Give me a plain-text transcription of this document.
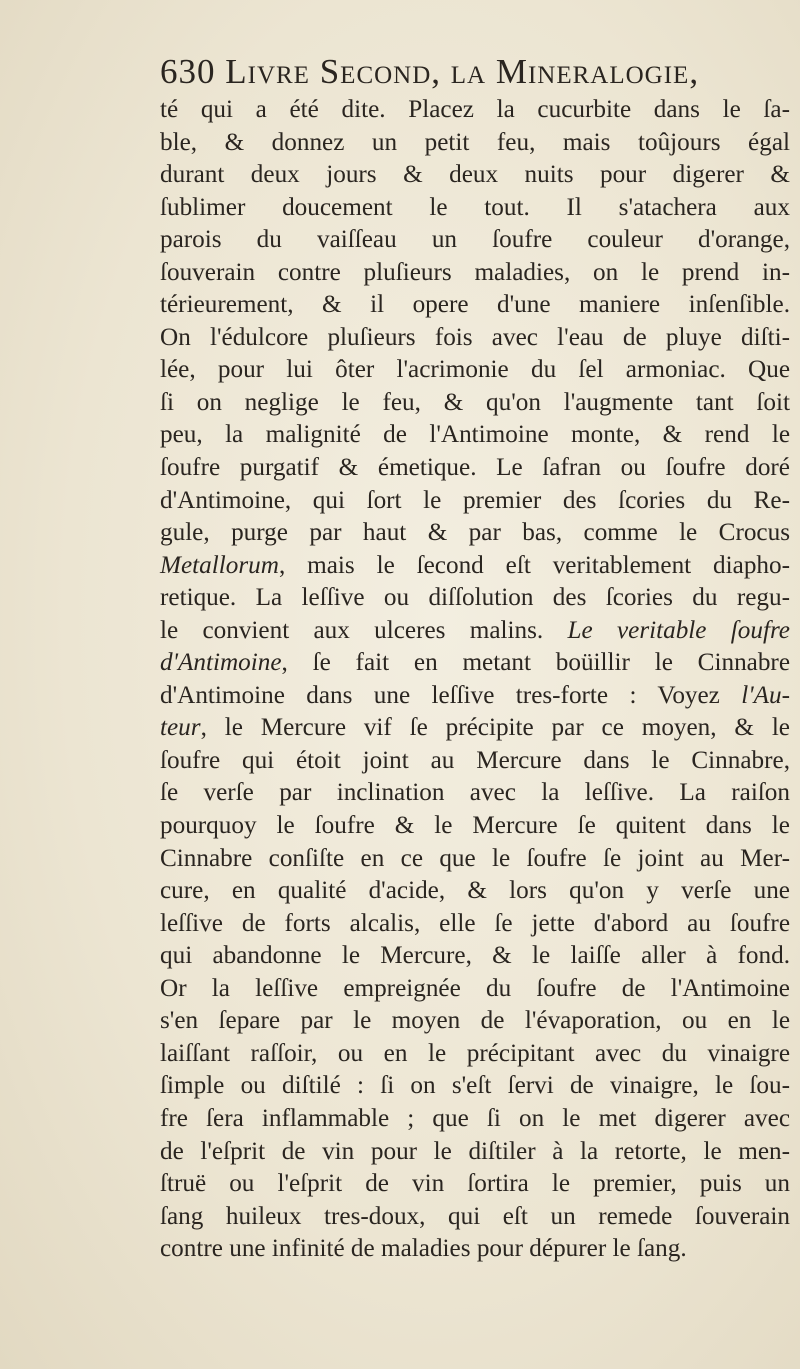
630 Livre Second, la Mineralogie,
té qui a été dite. Placez la cucurbite dans le ſa-
ble, & donnez un petit feu, mais toûjours égal
durant deux jours & deux nuits pour digerer &
ſublimer doucement le tout. Il s'atachera aux
parois du vaiſſeau un ſoufre couleur d'orange,
ſouverain contre pluſieurs maladies, on le prend in-
térieurement, & il opere d'une maniere inſenſible.
On l'édulcore pluſieurs fois avec l'eau de pluye diſti-
lée, pour lui ôter l'acrimonie du ſel armoniac. Que
ſi on neglige le feu, & qu'on l'augmente tant ſoit
peu, la malignité de l'Antimoine monte, & rend le
ſoufre purgatif & émetique. Le ſafran ou ſoufre doré
d'Antimoine, qui ſort le premier des ſcories du Re-
gule, purge par haut & par bas, comme le Crocus
Metallorum, mais le ſecond eſt veritablement diapho-
retique. La leſſive ou diſſolution des ſcories du regu-
le convient aux ulceres malins. Le veritable ſoufre
d'Antimoine, ſe fait en metant boüillir le Cinnabre
d'Antimoine dans une leſſive tres-forte : Voyez l'Au-
teur, le Mercure vif ſe précipite par ce moyen, & le
ſoufre qui étoit joint au Mercure dans le Cinnabre,
ſe verſe par inclination avec la leſſive. La raiſon
pourquoy le ſoufre & le Mercure ſe quitent dans le
Cinnabre conſiſte en ce que le ſoufre ſe joint au Mer-
cure, en qualité d'acide, & lors qu'on y verſe une
leſſive de forts alcalis, elle ſe jette d'abord au ſoufre
qui abandonne le Mercure, & le laiſſe aller à fond.
Or la leſſive empreignée du ſoufre de l'Antimoine
s'en ſepare par le moyen de l'évaporation, ou en le
laiſſant raſſoir, ou en le précipitant avec du vinaigre
ſimple ou diſtilé : ſi on s'eſt ſervi de vinaigre, le ſou-
fre ſera inflammable ; que ſi on le met digerer avec
de l'eſprit de vin pour le diſtiler à la retorte, le men-
ſtruë ou l'eſprit de vin ſortira le premier, puis un
ſang huileux tres-doux, qui eſt un remede ſouverain
contre une infinité de maladies pour dépurer le ſang.
